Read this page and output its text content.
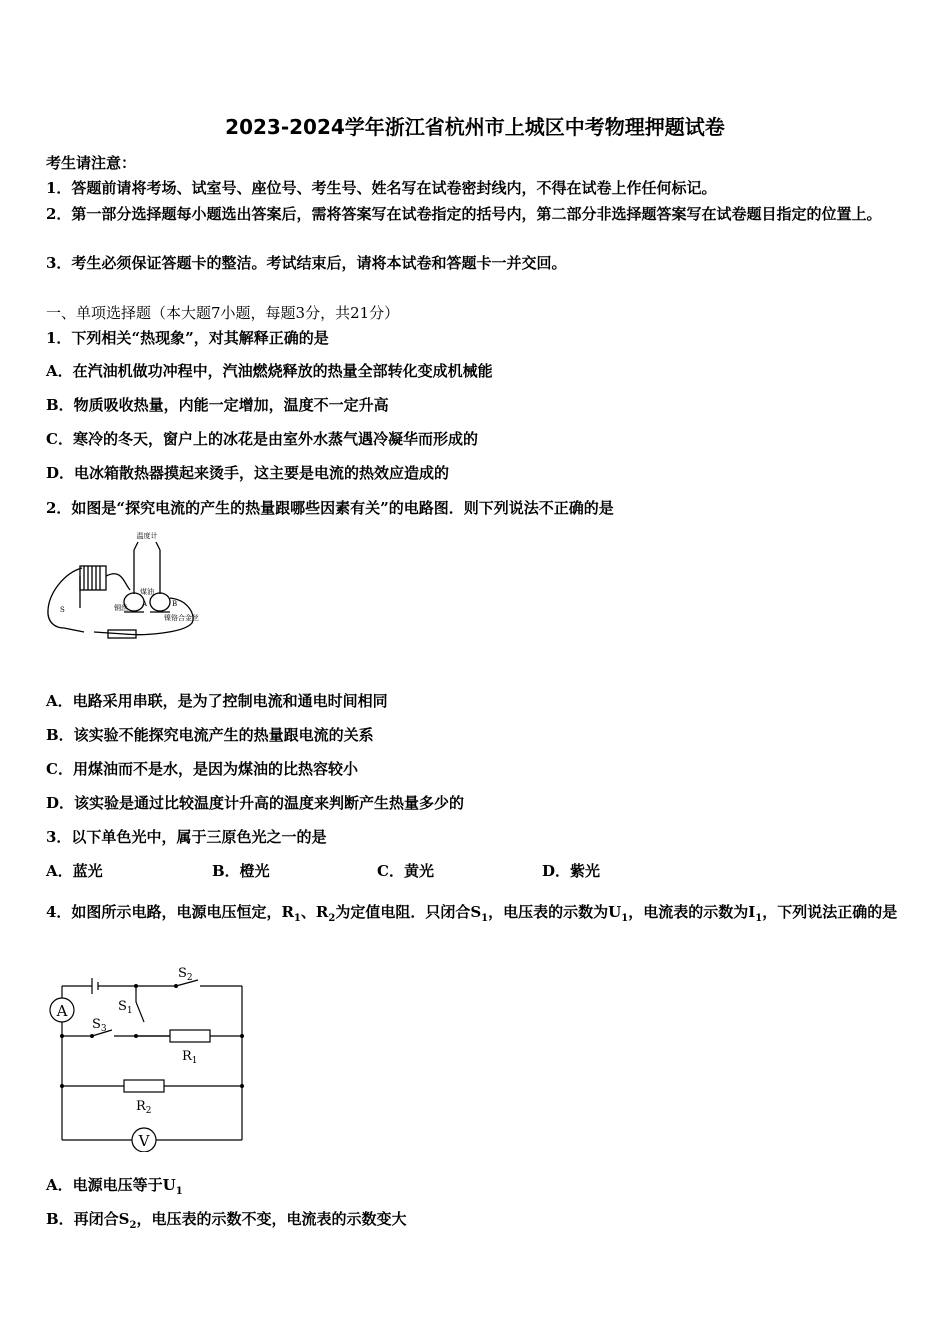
2023-2024学年浙江省杭州市上城区中考物理押题试卷
考生请注意：
1．答题前请将考场、试室号、座位号、考生号、姓名写在试卷密封线内，不得在试卷上作任何标记。
2．第一部分选择题每小题选出答案后，需将答案写在试卷指定的括号内，第二部分非选择题答案写在试卷题目指定的位置上。
3．考生必须保证答题卡的整洁。考试结束后，请将本试卷和答题卡一并交回。
一、单项选择题（本大题7小题，每题3分，共21分）
1．下列相关“热现象”，对其解释正确的是
A．在汽油机做功冲程中，汽油燃烧释放的热量全部转化变成机械能
B．物质吸收热量，内能一定增加，温度不一定升高
C．寒冷的冬天，窗户上的冰花是由室外水蒸气遇冷凝华而形成的
D．电冰箱散热器摸起来烫手，这主要是电流的热效应造成的
2．如图是“探究电流的产生的热量跟哪些因素有关”的电路图．则下列说法不正确的是
温度计
煤油
铜丝
镍铬合金丝
A	B
S
A．电路采用串联，是为了控制电流和通电时间相同
B．该实验不能探究电流产生的热量跟电流的关系
C．用煤油而不是水，是因为煤油的比热容较小
D．该实验是通过比较温度计升高的温度来判断产生热量多少的
3．以下单色光中，属于三原色光之一的是
A．蓝光	B．橙光	C．黄光	D．紫光
4．如图所示电路，电源电压恒定，$R_1$、$R_2$为定值电阻．只闭合$S_1$，电压表的示数为$U_1$，电流表的示数为$I_1$，下列说法正确的是
A
V
$S_2$
$S_1$
$S_3$
$R_1$
$R_2$
A．电源电压等于$U_1$
B．再闭合$S_2$，电压表的示数不变，电流表的示数变大
